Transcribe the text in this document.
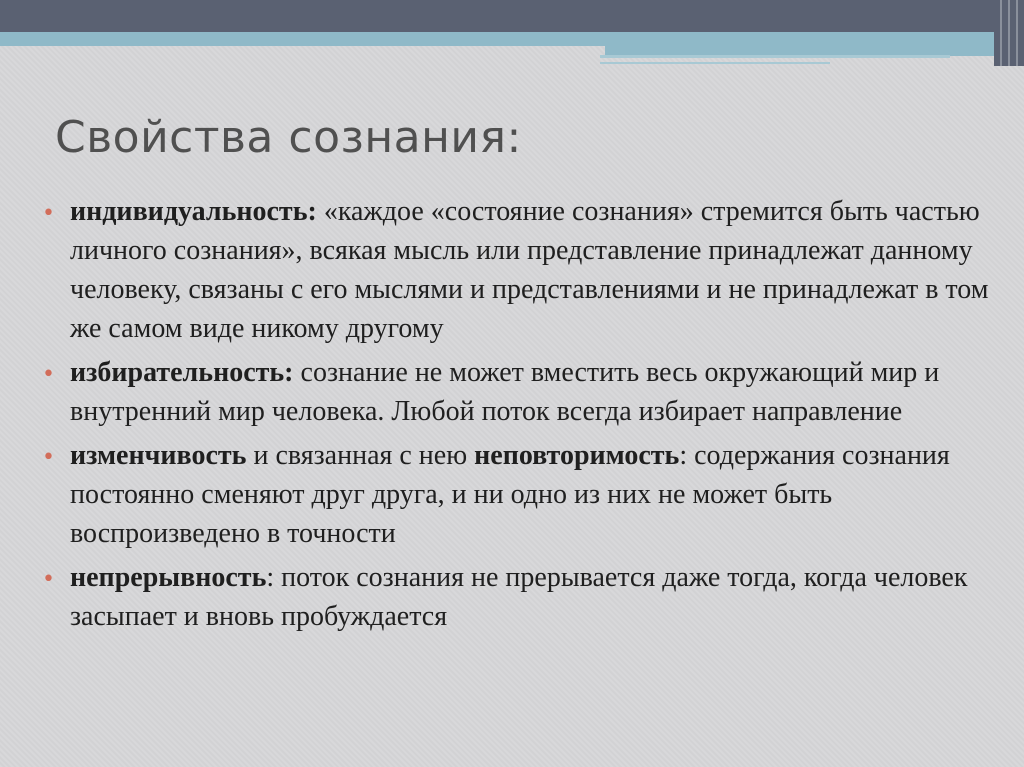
Свойства сознания:
• индивидуальность: «каждое «состояние сознания» стремится быть частью личного сознания», всякая мысль или представление принадлежат данному человеку, связаны с его мыслями и представлениями и не принадлежат в том же самом виде никому другому
• избирательность: сознание не может вместить весь окружающий мир и внутренний мир человека. Любой поток всегда избирает направление
• изменчивость и связанная с нею неповторимость: содержания сознания постоянно сменяют друг друга, и ни одно из них не может быть воспроизведено в точности
• непрерывность: поток сознания не прерывается даже тогда, когда человек засыпает и вновь пробуждается
